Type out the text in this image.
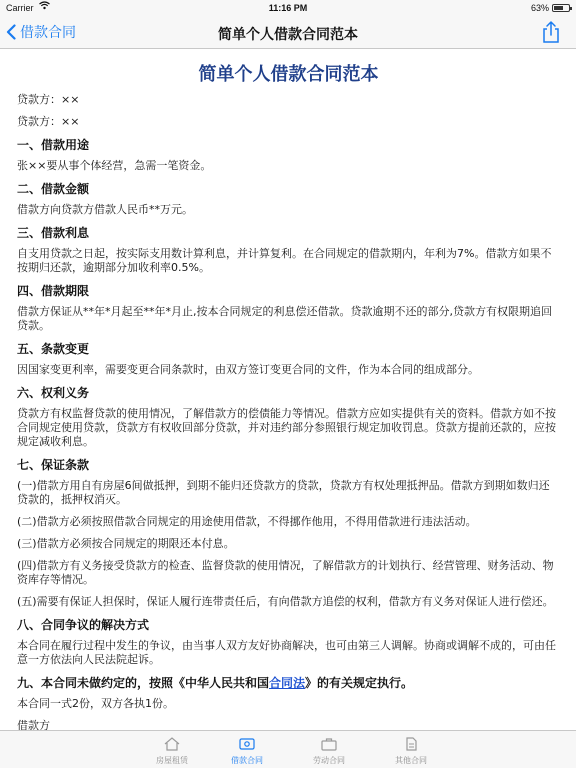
Carrier	11:16 PM	63%
借款合同	简单个人借款合同范本
简单个人借款合同范本
贷款方：××
贷款方：××
一、借款用途

张××要从事个体经营，急需一笔资金。

二、借款金额

借款方向贷款方借款人民币**万元。

三、借款利息

自支用贷款之日起，按实际支用数计算利息，并计算复利。在合同规定的借款期内，年利为7%。借款方如果不按期归还款，逾期部分加收利率0.5%。

四、借款期限

借款方保证从**年*月起至**年*月止,按本合同规定的利息偿还借款。贷款逾期不还的部分,贷款方有权限期追回贷款。

五、条款变更

因国家变更利率，需要变更合同条款时，由双方签订变更合同的文件，作为本合同的组成部分。

六、权利义务

贷款方有权监督贷款的使用情况，了解借款方的偿债能力等情况。借款方应如实提供有关的资料。借款方如不按合同规定使用贷款，贷款方有权收回部分贷款，并对违约部分参照银行规定加收罚息。贷款方提前还款的，应按规定减收利息。

七、保证条款

(一)借款方用自有房屋6间做抵押，到期不能归还贷款方的贷款，贷款方有权处理抵押品。借款方到期如数归还贷款的，抵押权消灭。

(二)借款方必须按照借款合同规定的用途使用借款，不得挪作他用，不得用借款进行违法活动。

(三)借款方必须按合同规定的期限还本付息。

(四)借款方有义务接受贷款方的检查、监督贷款的使用情况，了解借款方的计划执行、经营管理、财务活动、物资库存等情况。

(五)需要有保证人担保时，保证人履行连带责任后，有向借款方追偿的权利，借款方有义务对保证人进行偿还。

八、合同争议的解决方式

本合同在履行过程中发生的争议，由当事人双方友好协商解决，也可由第三人调解。协商或调解不成的，可由任意一方依法向人民法院起诉。

九、本合同未做约定的，按照《中华人民共和国合同法》的有关规定执行。

本合同一式2份，双方各执1份。

借款方
房屋租赁	借款合同	劳动合同	其他合同
